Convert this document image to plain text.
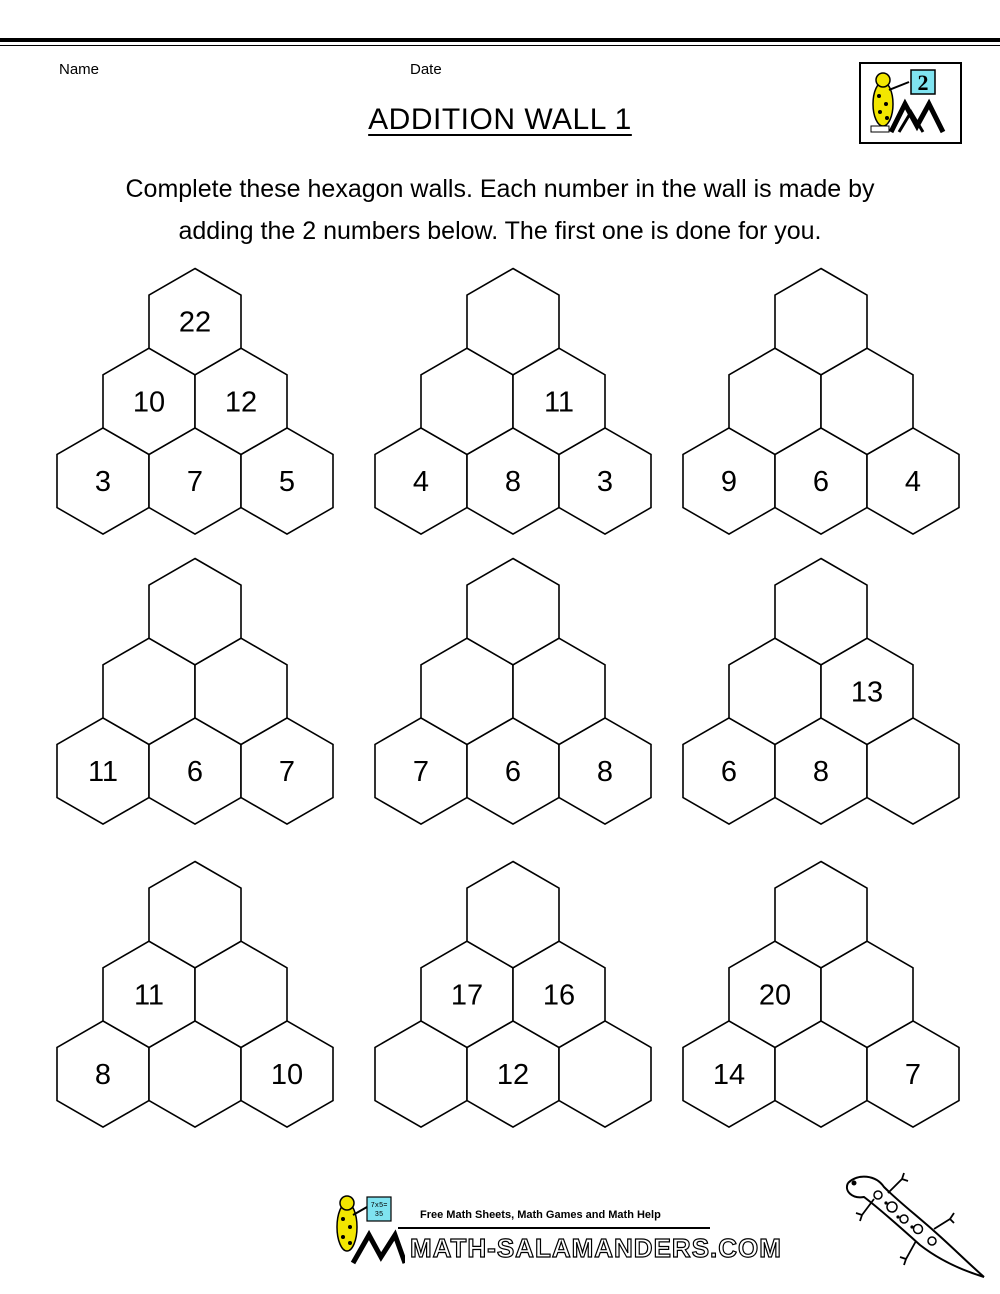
Name	Date
2
ADDITION WALL 1
Complete these hexagon walls. Each number in the wall is made by
adding the 2 numbers below. The first one is done for you.
3	7	5
10 12
22
4	8	3
11
9	6	4
11 6	7	7	6	8	6	8
13
8	10
11
12
17 16
14	7
20
7x5=
35	Free Math Sheets, Math Games and Math Help
MATH-SALAMANDERS.COM
